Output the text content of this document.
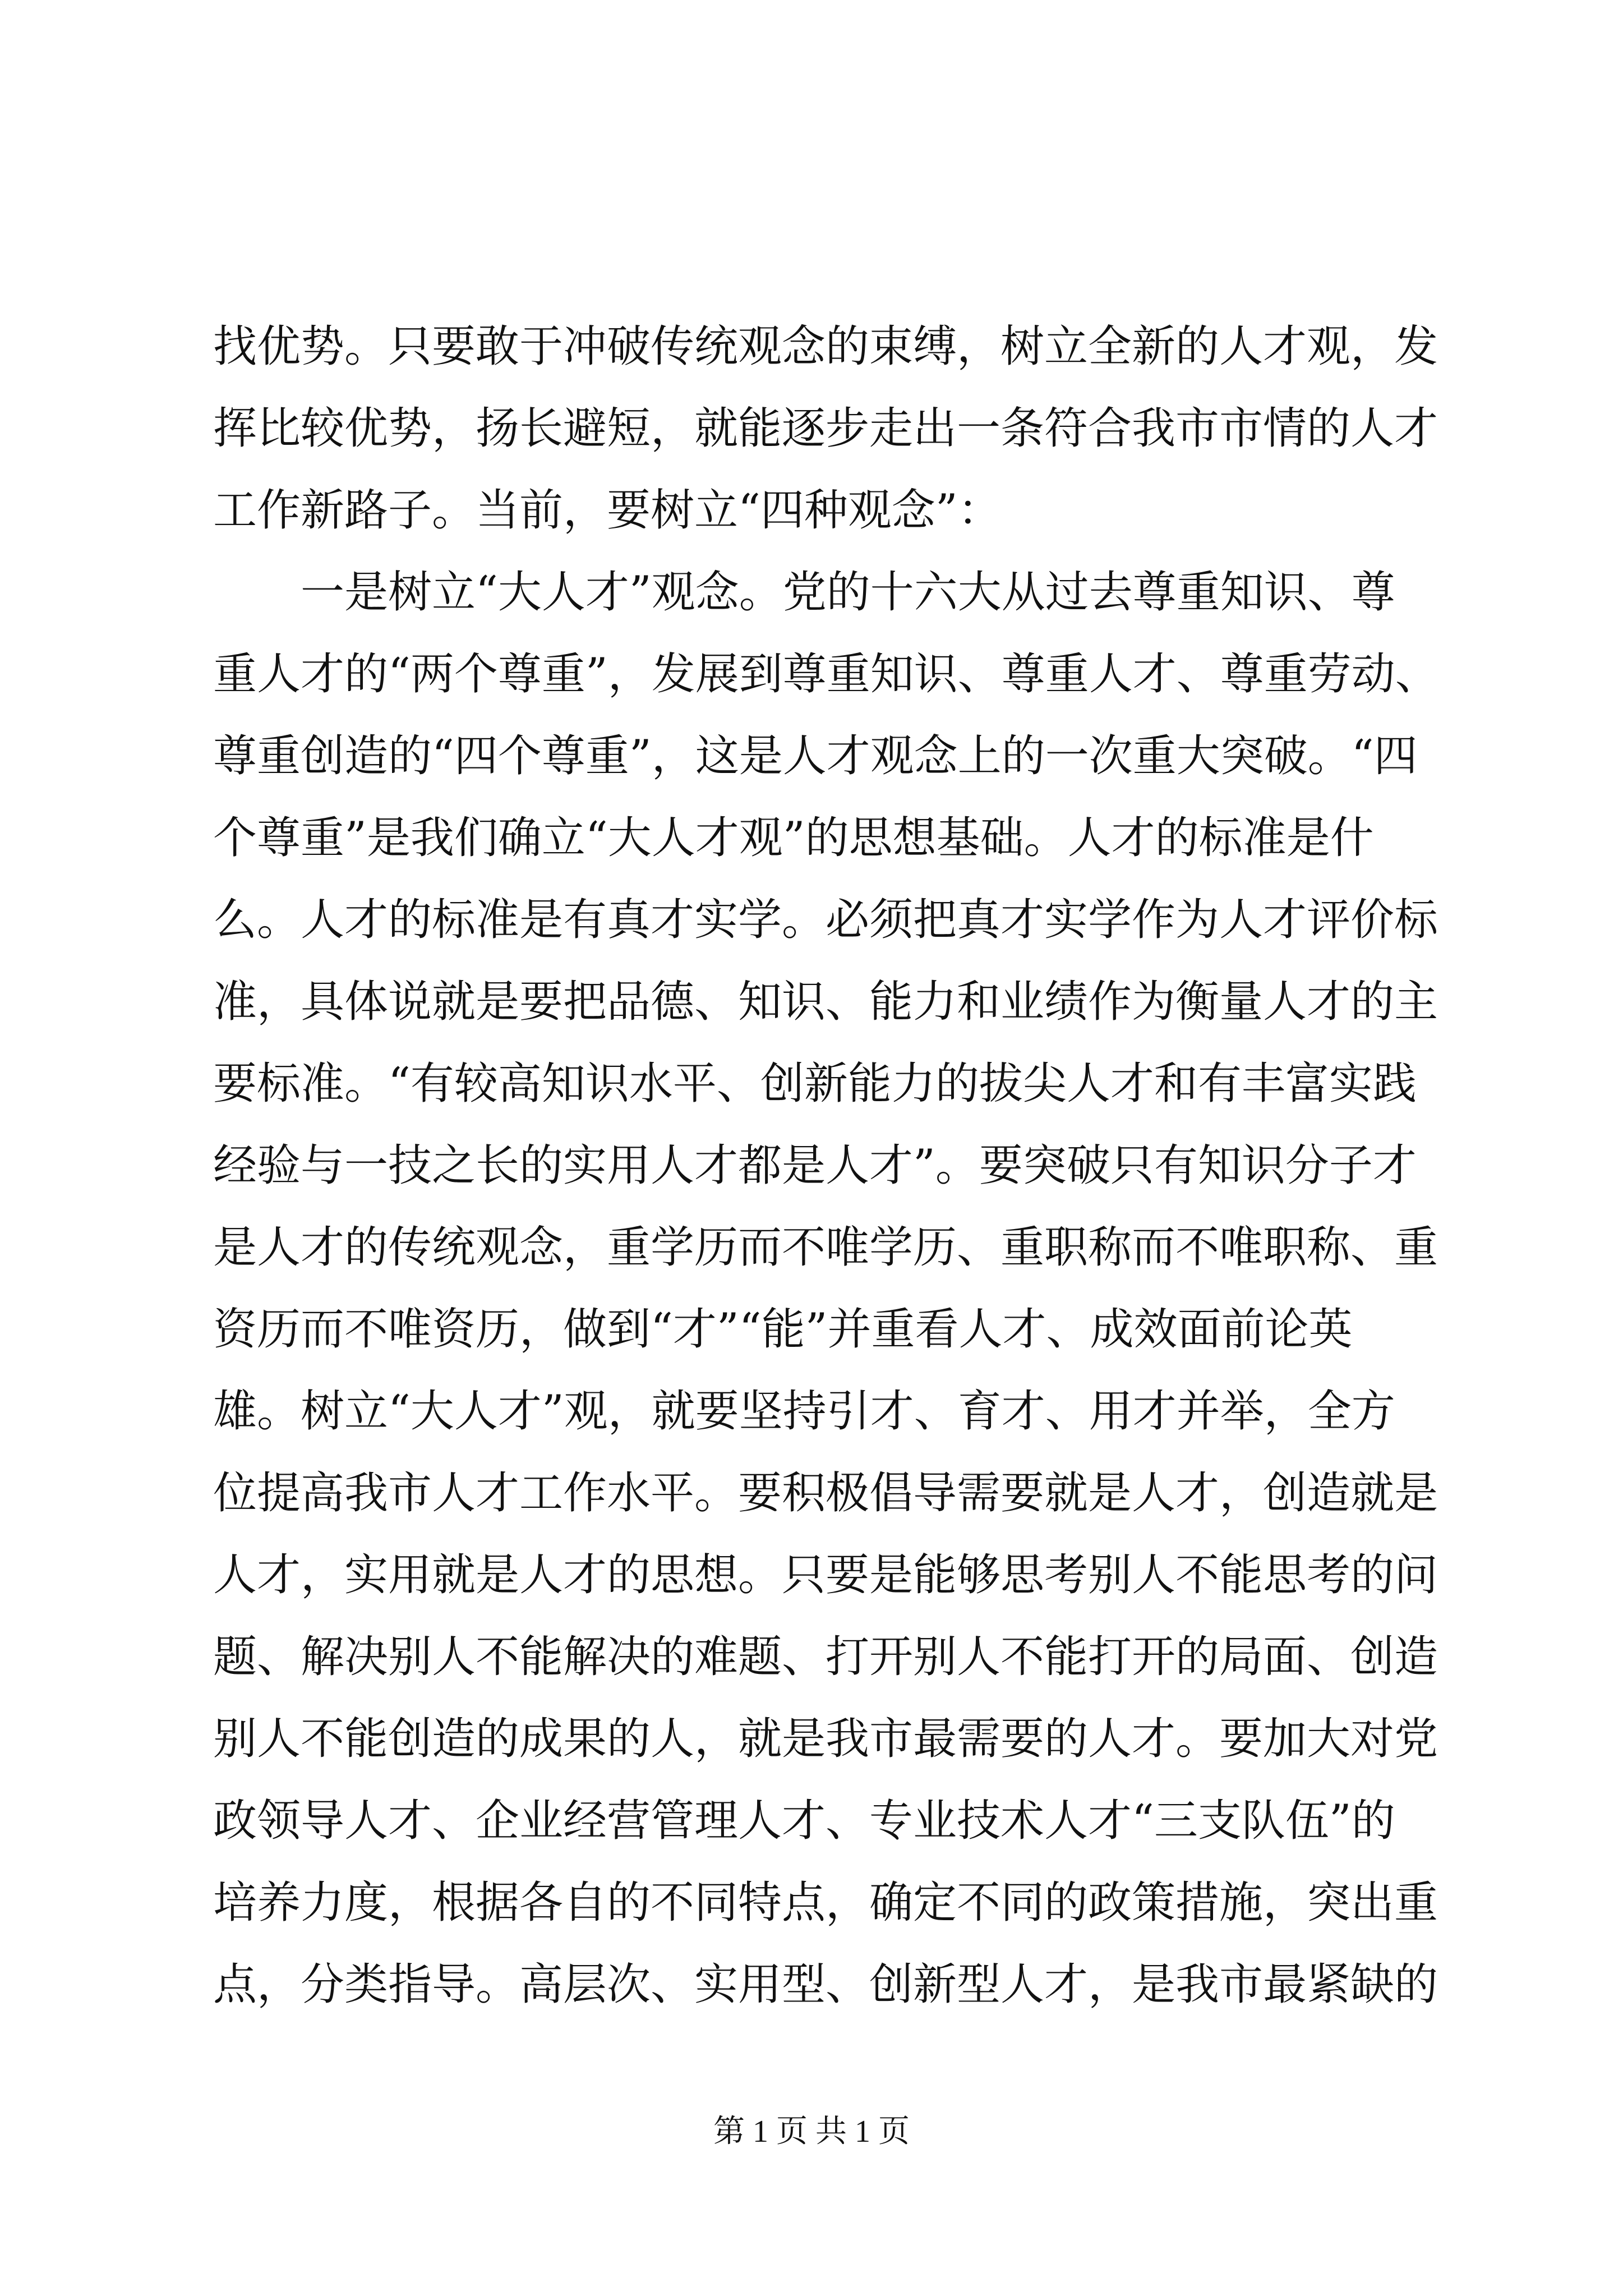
找优势。只要敢于冲破传统观念的束缚，树立全新的人才观，发
挥比较优势，扬长避短，就能逐步走出一条符合我市市情的人才
工作新路子。当前，要树立“四种观念”：
　　一是树立“大人才”观念。党的十六大从过去尊重知识、尊
重人才的“两个尊重”，发展到尊重知识、尊重人才、尊重劳动、
尊重创造的“四个尊重”，这是人才观念上的一次重大突破。“四
个尊重”是我们确立“大人才观”的思想基础。人才的标准是什
么。人才的标准是有真才实学。必须把真才实学作为人才评价标
准，具体说就是要把品德、知识、能力和业绩作为衡量人才的主
要标准。“有较高知识水平、创新能力的拔尖人才和有丰富实践
经验与一技之长的实用人才都是人才”。要突破只有知识分子才
是人才的传统观念，重学历而不唯学历、重职称而不唯职称、重
资历而不唯资历，做到“才”“能”并重看人才、成效面前论英
雄。树立“大人才”观，就要坚持引才、育才、用才并举，全方
位提高我市人才工作水平。要积极倡导需要就是人才，创造就是
人才，实用就是人才的思想。只要是能够思考别人不能思考的问
题、解决别人不能解决的难题、打开别人不能打开的局面、创造
别人不能创造的成果的人，就是我市最需要的人才。要加大对党
政领导人才、企业经营管理人才、专业技术人才“三支队伍”的
培养力度，根据各自的不同特点，确定不同的政策措施，突出重
点，分类指导。高层次、实用型、创新型人才，是我市最紧缺的
第 1 页 共 1 页
